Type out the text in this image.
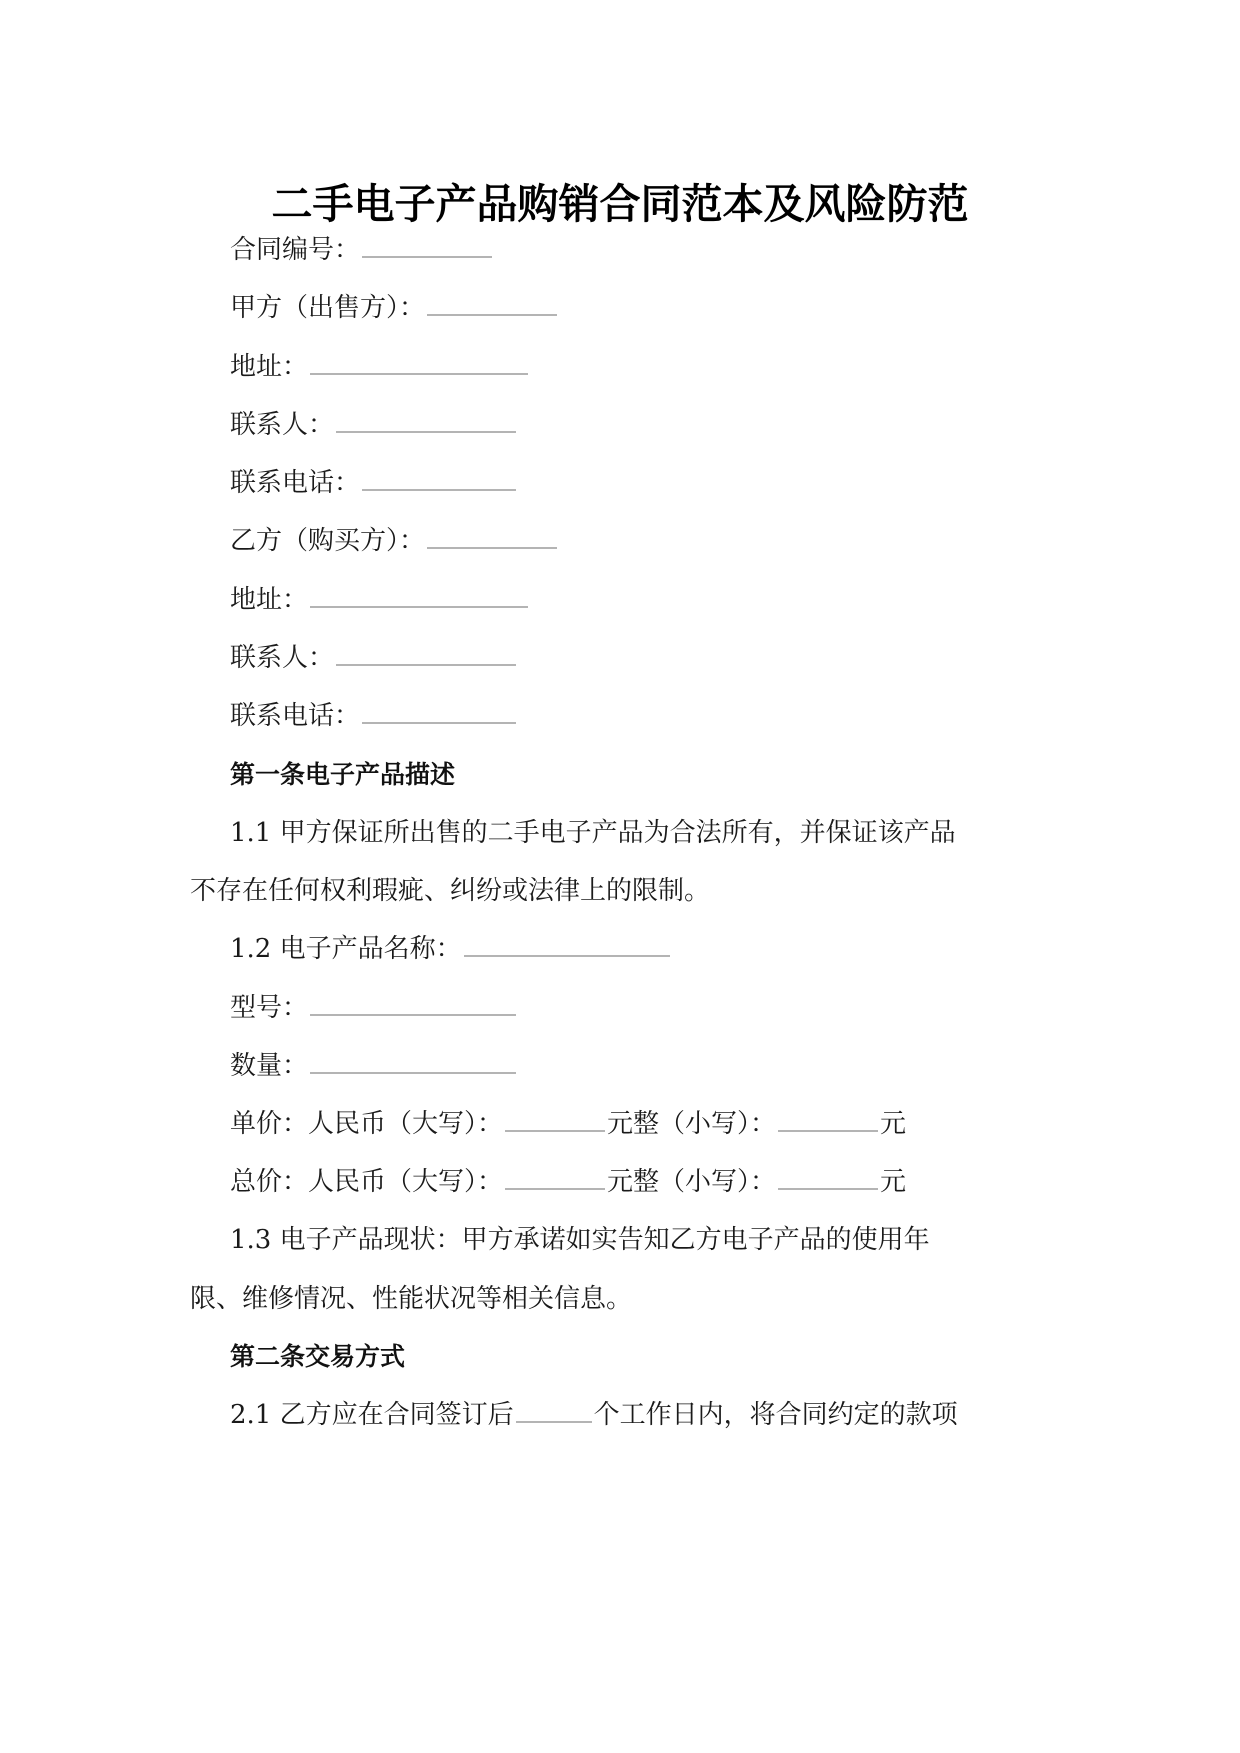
二手电子产品购销合同范本及风险防范
合同编号：
甲方（出售方）：
地址：
联系人：
联系电话：
乙方（购买方）：
地址：
联系人：
联系电话：
第一条电子产品描述
1.1 甲方保证所出售的二手电子产品为合法所有，并保证该产品
不存在任何权利瑕疵、纠纷或法律上的限制。
1.2 电子产品名称：
型号：
数量：
单价：人民币（大写）：	元整（小写）：	元
总价：人民币（大写）：	元整（小写）：	元
1.3 电子产品现状：甲方承诺如实告知乙方电子产品的使用年
限、维修情况、性能状况等相关信息。
第二条交易方式
2.1 乙方应在合同签订后	个工作日内，将合同约定的款项
